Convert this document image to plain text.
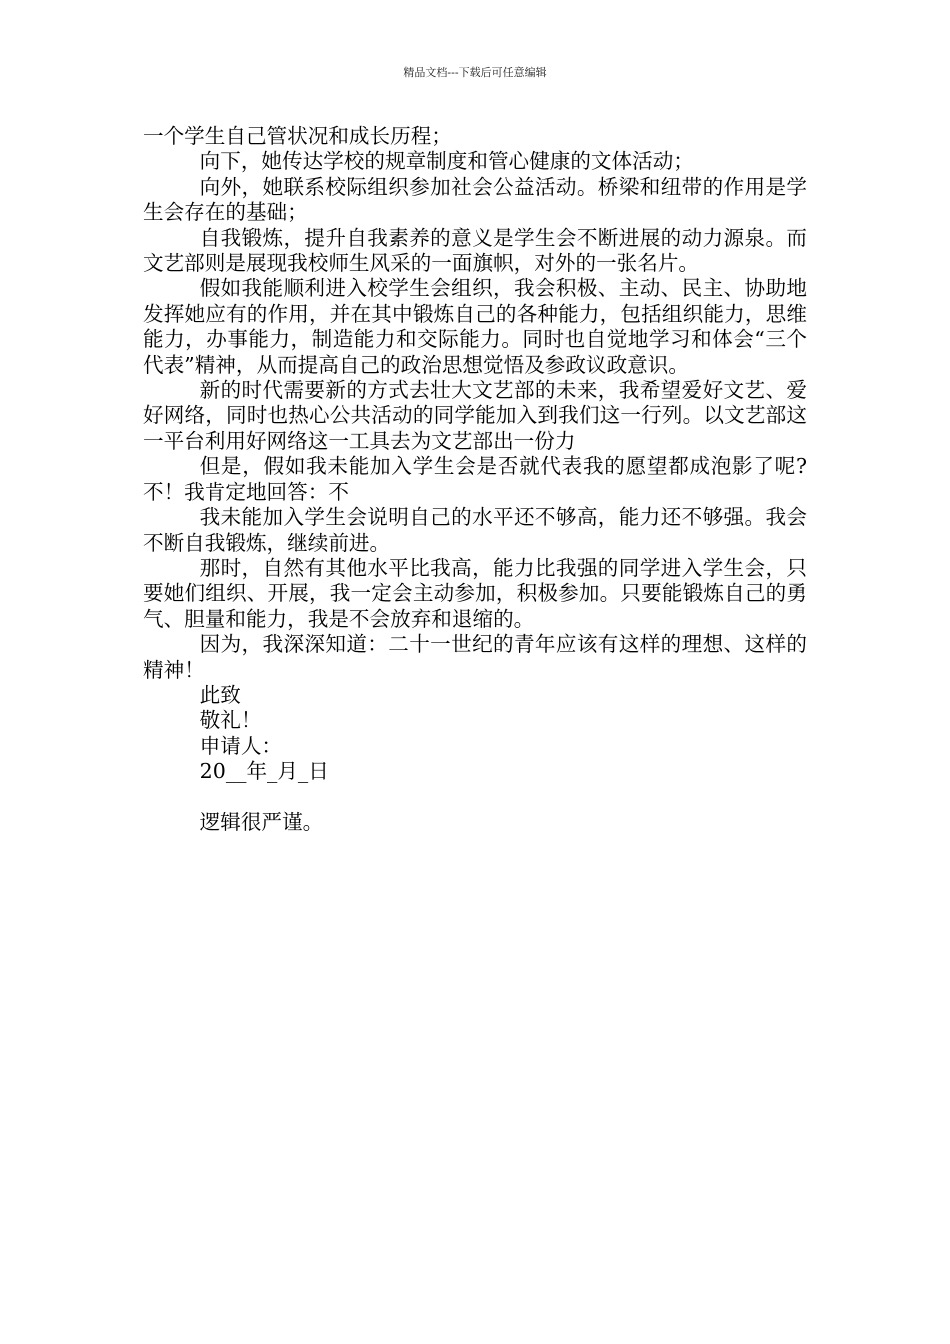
精品文档---下载后可任意编辑

一个学生自己管状况和成长历程；

向下，她传达学校的规章制度和管心健康的文体活动；

向外，她联系校际组织参加社会公益活动。桥梁和纽带的作用是学生会存在的基础；

自我锻炼，提升自我素养的意义是学生会不断进展的动力源泉。而文艺部则是展现我校师生风采的一面旗帜，对外的一张名片。

假如我能顺利进入校学生会组织，我会积极、主动、民主、协助地发挥她应有的作用，并在其中锻炼自己的各种能力，包括组织能力，思维能力，办事能力，制造能力和交际能力。同时也自觉地学习和体会“三个代表”精神，从而提高自己的政治思想觉悟及参政议政意识。

新的时代需要新的方式去壮大文艺部的未来，我希望爱好文艺、爱好网络，同时也热心公共活动的同学能加入到我们这一行列。以文艺部这一平台利用好网络这一工具去为文艺部出一份力

但是，假如我未能加入学生会是否就代表我的愿望都成泡影了呢?不！我肯定地回答：不

我未能加入学生会说明自己的水平还不够高，能力还不够强。我会不断自我锻炼，继续前进。

那时，自然有其他水平比我高，能力比我强的同学进入学生会，只要她们组织、开展，我一定会主动参加，积极参加。只要能锻炼自己的勇气、胆量和能力，我是不会放弃和退缩的。

因为，我深深知道：二十一世纪的青年应该有这样的理想、这样的精神！

此致

敬礼！

申请人：

20__年_月_日

逻辑很严谨。
